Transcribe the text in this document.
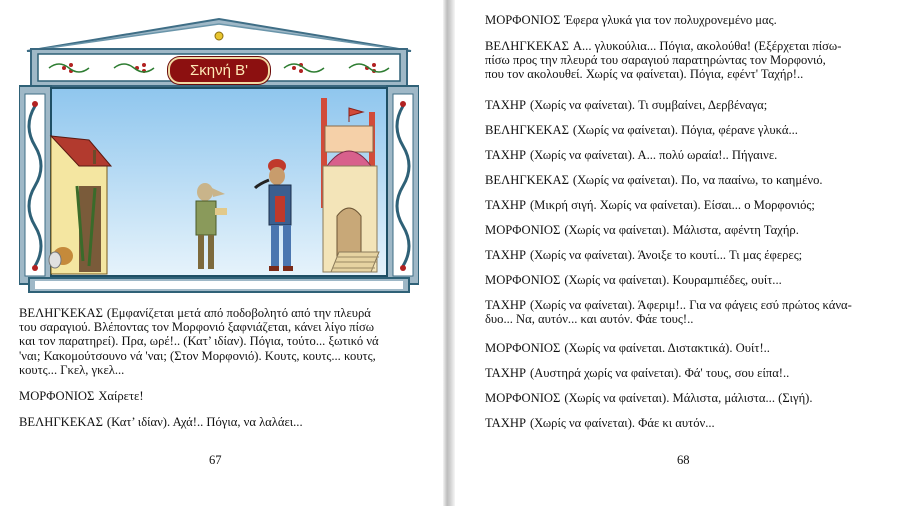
Σκηνή Β'
ΒΕΛΗΓΚΕΚΑΣ (Εμφανίζεται μετά από ποδοβολητό από την πλευρά
του σαραγιού. Βλέποντας τον Μορφονιό ξαφνιάζεται, κάνει λίγο πίσω
και τον παρατηρεί). Πρα, ωρέ!.. (Κατ’ ιδίαν). Πόγια, τούτο... ξωτικό νά
'ναι; Κακομούτσουνο νά 'ναι; (Στον Μορφονιό). Κουτς, κουτς... κουτς,
κουτς... Γκελ, γκελ...
ΜΟΡΦΟΝΙΟΣ Χαίρετε!
ΒΕΛΗΓΚΕΚΑΣ (Κατ’ ιδίαν). Αχά!.. Πόγια, να λαλάει...
67
ΜΟΡΦΟΝΙΟΣ Έφερα γλυκά για τον πολυχρονεμένο μας.
ΒΕΛΗΓΚΕΚΑΣ Α... γλυκούλια... Πόγια, ακολούθα! (Εξέρχεται πίσω-
πίσω προς την πλευρά του σαραγιού παρατηρώντας τον Μορφονιό,
που τον ακολουθεί. Χωρίς να φαίνεται). Πόγια, εφέντ' Ταχήρ!..
ΤΑΧΗΡ (Χωρίς να φαίνεται). Τι συμβαίνει, Δερβέναγα;
ΒΕΛΗΓΚΕΚΑΣ (Χωρίς να φαίνεται). Πόγια, φέρανε γλυκά...
ΤΑΧΗΡ (Χωρίς να φαίνεται). Α... πολύ ωραία!.. Πήγαινε.
ΒΕΛΗΓΚΕΚΑΣ (Χωρίς να φαίνεται). Πο, να πααίνω, το καημένο.
ΤΑΧΗΡ (Μικρή σιγή. Χωρίς να φαίνεται). Είσαι... ο Μορφονιός;
ΜΟΡΦΟΝΙΟΣ (Χωρίς να φαίνεται). Μάλιστα, αφέντη Ταχήρ.
ΤΑΧΗΡ (Χωρίς να φαίνεται). Άνοιξε το κουτί... Τι μας έφερες;
ΜΟΡΦΟΝΙΟΣ (Χωρίς να φαίνεται). Κουραμπιέδες, ουίτ...
ΤΑΧΗΡ (Χωρίς να φαίνεται). Άφεριμ!.. Για να φάγεις εσύ πρώτος κάνα-
δυο... Να, αυτόν... και αυτόν. Φάε τους!..
ΜΟΡΦΟΝΙΟΣ (Χωρίς να φαίνεται. Διστακτικά). Ουίτ!..
ΤΑΧΗΡ (Αυστηρά χωρίς να φαίνεται). Φά' τους, σου είπα!..
ΜΟΡΦΟΝΙΟΣ (Χωρίς να φαίνεται). Μάλιστα, μάλιστα... (Σιγή).
ΤΑΧΗΡ (Χωρίς να φαίνεται). Φάε κι αυτόν...
68
